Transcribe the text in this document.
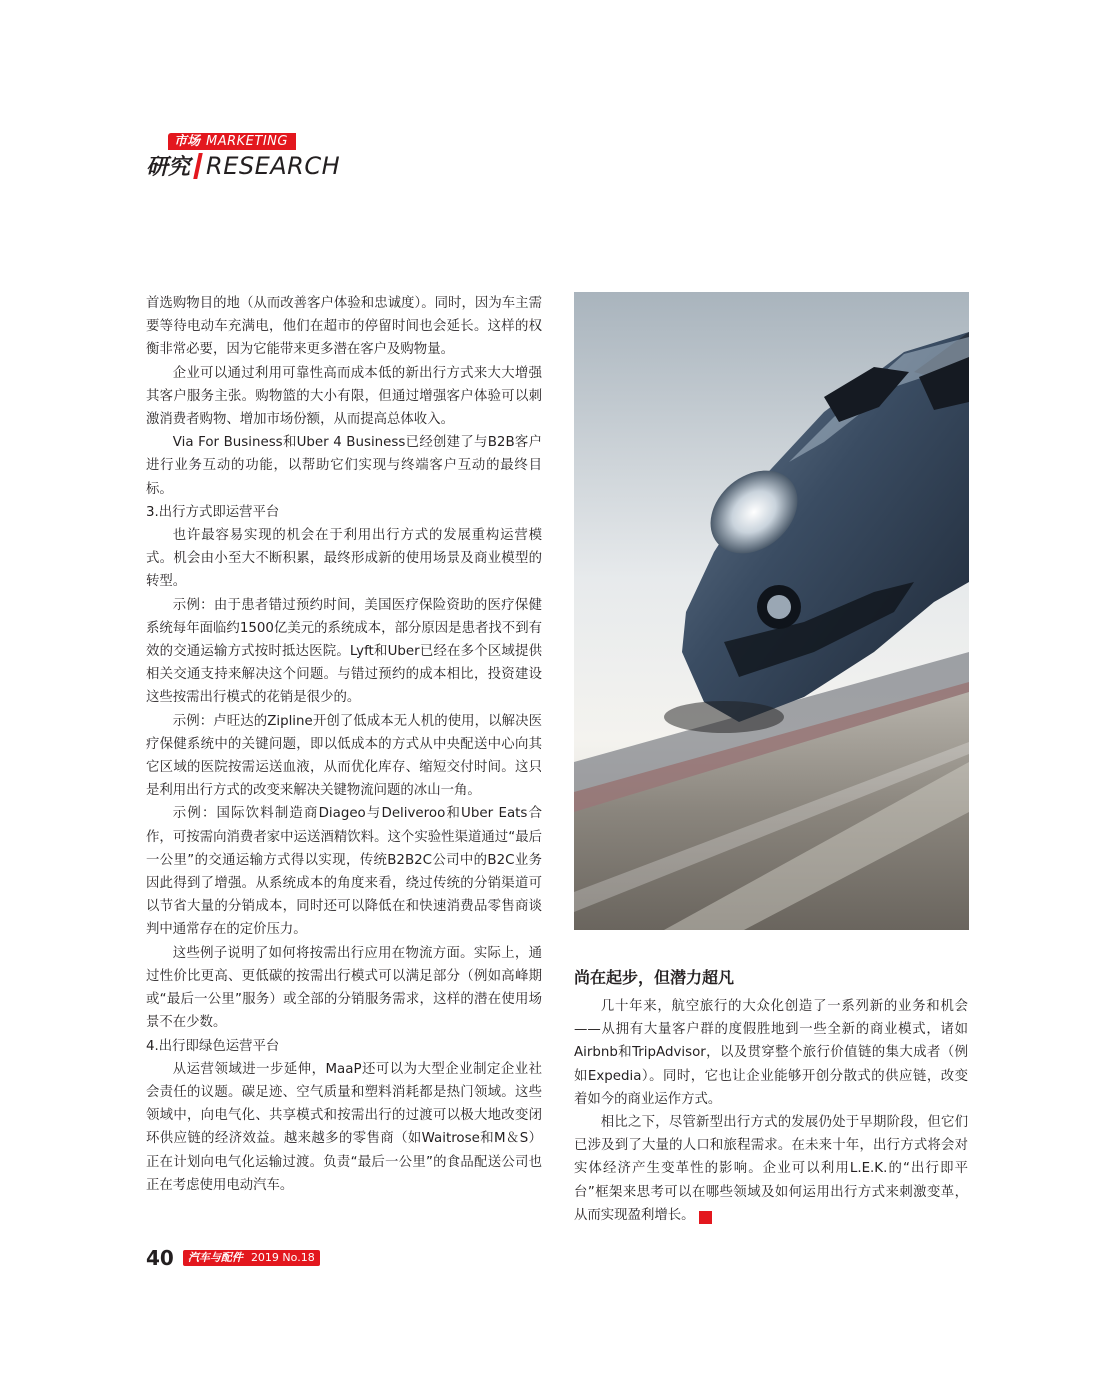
市场 MARKETING
研究 RESEARCH

首选购物目的地（从而改善客户体验和忠诚度）。同时，因为车主需要等待电动车充满电，他们在超市的停留时间也会延长。这样的权衡非常必要，因为它能带来更多潜在客户及购物量。

企业可以通过利用可靠性高而成本低的新出行方式来大大增强其客户服务主张。购物篮的大小有限，但通过增强客户体验可以刺激消费者购物、增加市场份额，从而提高总体收入。

Via For Business和Uber 4 Business已经创建了与B2B客户进行业务互动的功能，以帮助它们实现与终端客户互动的最终目标。

3.出行方式即运营平台

也许最容易实现的机会在于利用出行方式的发展重构运营模式。机会由小至大不断积累，最终形成新的使用场景及商业模型的转型。

示例：由于患者错过预约时间，美国医疗保险资助的医疗保健系统每年面临约1500亿美元的系统成本，部分原因是患者找不到有效的交通运输方式按时抵达医院。Lyft和Uber已经在多个区域提供相关交通支持来解决这个问题。与错过预约的成本相比，投资建设这些按需出行模式的花销是很少的。

示例：卢旺达的Zipline开创了低成本无人机的使用，以解决医疗保健系统中的关键问题，即以低成本的方式从中央配送中心向其它区域的医院按需运送血液，从而优化库存、缩短交付时间。这只是利用出行方式的改变来解决关键物流问题的冰山一角。

示例：国际饮料制造商Diageo与Deliveroo和Uber Eats合作，可按需向消费者家中运送酒精饮料。这个实验性渠道通过“最后一公里”的交通运输方式得以实现，传统B2B2C公司中的B2C业务因此得到了增强。从系统成本的角度来看，绕过传统的分销渠道可以节省大量的分销成本，同时还可以降低在和快速消费品零售商谈判中通常存在的定价压力。

这些例子说明了如何将按需出行应用在物流方面。实际上，通过性价比更高、更低碳的按需出行模式可以满足部分（例如高峰期或“最后一公里”服务）或全部的分销服务需求，这样的潜在使用场景不在少数。

4.出行即绿色运营平台

从运营领域进一步延伸，MaaP还可以为大型企业制定企业社会责任的议题。碳足迹、空气质量和塑料消耗都是热门领域。这些领域中，向电气化、共享模式和按需出行的过渡可以极大地改变闭环供应链的经济效益。越来越多的零售商（如Waitrose和M＆S）正在计划向电气化运输过渡。负责“最后一公里”的食品配送公司也正在考虑使用电动汽车。

尚在起步，但潜力超凡

几十年来，航空旅行的大众化创造了一系列新的业务和机会——从拥有大量客户群的度假胜地到一些全新的商业模式，诸如Airbnb和TripAdvisor，以及贯穿整个旅行价值链的集大成者（例如Expedia）。同时，它也让企业能够开创分散式的供应链，改变着如今的商业运作方式。

相比之下，尽管新型出行方式的发展仍处于早期阶段，但它们已涉及到了大量的人口和旅程需求。在未来十年，出行方式将会对实体经济产生变革性的影响。企业可以利用L.E.K.的“出行即平台”框架来思考可以在哪些领域及如何运用出行方式来刺激变革，从而实现盈利增长。	A

40 汽车与配件 2019 No.18
